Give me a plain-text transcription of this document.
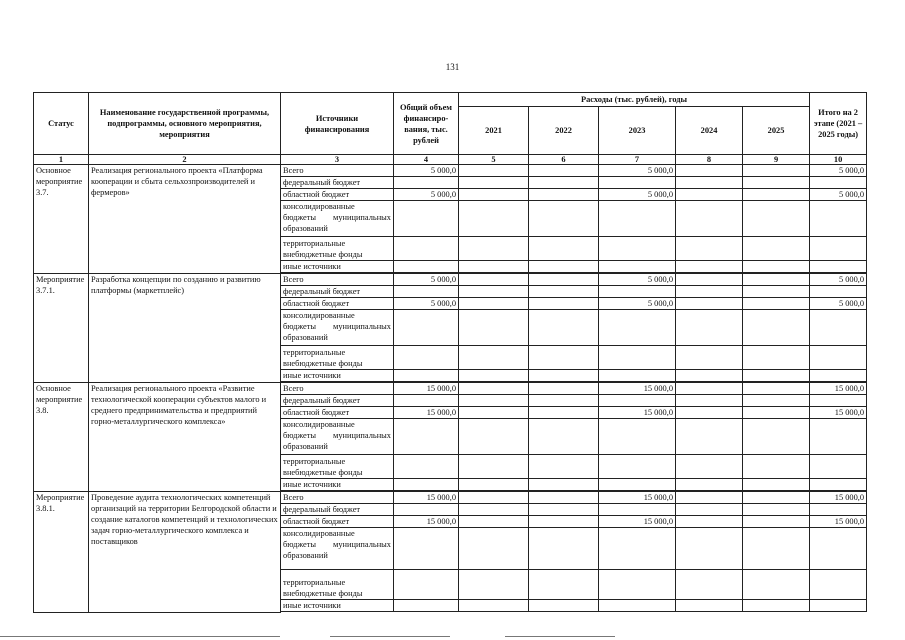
131
Статус	Наименование государственной программы, подпрограммы, основного мероприятия, мероприятия	Источники финансирования	Общий объем финансиро-вания, тыс. рублей	Расходы (тыс. рублей), годы					Итого на 2 этапе (2021 – 2025 годы)
				2021	2022	2023	2024	2025	
1	2	3	4	5	6	7	8	9	10
Основное мероприятие 3.7.	Реализация регионального проекта «Платформа кооперации и сбыта сельхозпроизводителей и фермеров»	Всего	5 000,0			5 000,0			5 000,0
		федеральный бюджет							
		областной бюджет	5 000,0			5 000,0			5 000,0

		консолидированные
бюджеты муниципальных
образований							

		территориальные
внебюджетные фонды							

		иные источники							

Мероприятие 3.7.1.	Разработка концепции по созданию и развитию платформы (маркетплейс)	Всего	5 000,0			5 000,0			5 000,0
		федеральный бюджет							
		областной бюджет	5 000,0			5 000,0			5 000,0

		консолидированные
бюджеты муниципальных
образований							

		территориальные
внебюджетные фонды							

		иные источники							

Основное мероприятие 3.8.	Реализация регионального проекта «Развитие технологической кооперации субъектов малого и среднего предпринимательства и предприятий горно-металлургического комплекса»	Всего	15 000,0			15 000,0			15 000,0
		федеральный бюджет							
		областной бюджет	15 000,0			15 000,0			15 000,0

		консолидированные
бюджеты муниципальных
образований							

		территориальные
внебюджетные фонды							

		иные источники							

Мероприятие 3.8.1.	Проведение аудита технологических компетенций организаций на территории Белгородской области и создание каталогов компетенций и технологических задач горно-металлургического комплекса и поставщиков	Всего	15 000,0			15 000,0			15 000,0
		федеральный бюджет							
		областной бюджет	15 000,0			15 000,0			15 000,0

		консолидированные
бюджеты муниципальных
образований							

		территориальные
внебюджетные фонды							

		иные источники							
